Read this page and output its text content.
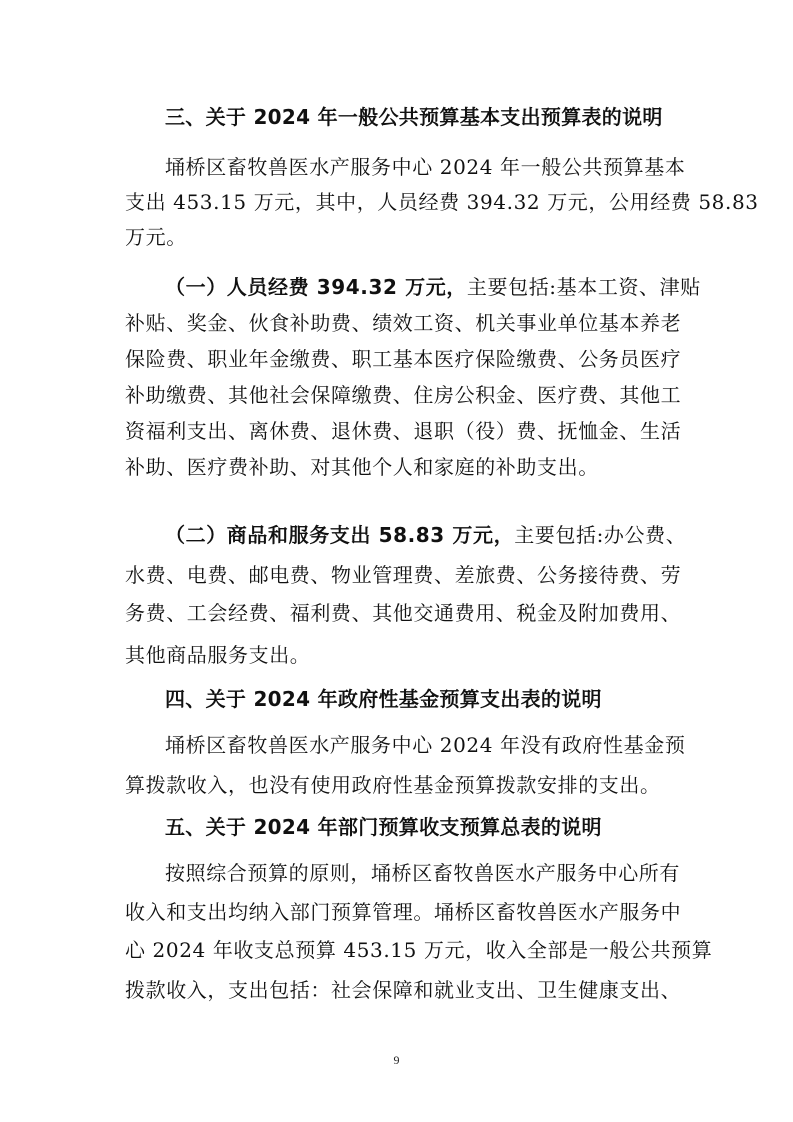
三、关于 2024 年一般公共预算基本支出预算表的说明

埇桥区畜牧兽医水产服务中心 2024 年一般公共预算基本

支出 453.15 万元，其中，人员经费 394.32 万元，公用经费 58.83

万元。

（一）人员经费 394.32 万元，主要包括:基本工资、津贴

补贴、奖金、伙食补助费、绩效工资、机关事业单位基本养老

保险费、职业年金缴费、职工基本医疗保险缴费、公务员医疗

补助缴费、其他社会保障缴费、住房公积金、医疗费、其他工

资福利支出、离休费、退休费、退职（役）费、抚恤金、生活

补助、医疗费补助、对其他个人和家庭的补助支出。

（二）商品和服务支出 58.83 万元，主要包括:办公费、

水费、电费、邮电费、物业管理费、差旅费、公务接待费、劳

务费、工会经费、福利费、其他交通费用、税金及附加费用、

其他商品服务支出。

四、关于 2024 年政府性基金预算支出表的说明

埇桥区畜牧兽医水产服务中心 2024 年没有政府性基金预

算拨款收入，也没有使用政府性基金预算拨款安排的支出。

五、关于 2024 年部门预算收支预算总表的说明

按照综合预算的原则，埇桥区畜牧兽医水产服务中心所有

收入和支出均纳入部门预算管理。埇桥区畜牧兽医水产服务中

心 2024 年收支总预算 453.15 万元，收入全部是一般公共预算

拨款收入，支出包括：社会保障和就业支出、卫生健康支出、

9
